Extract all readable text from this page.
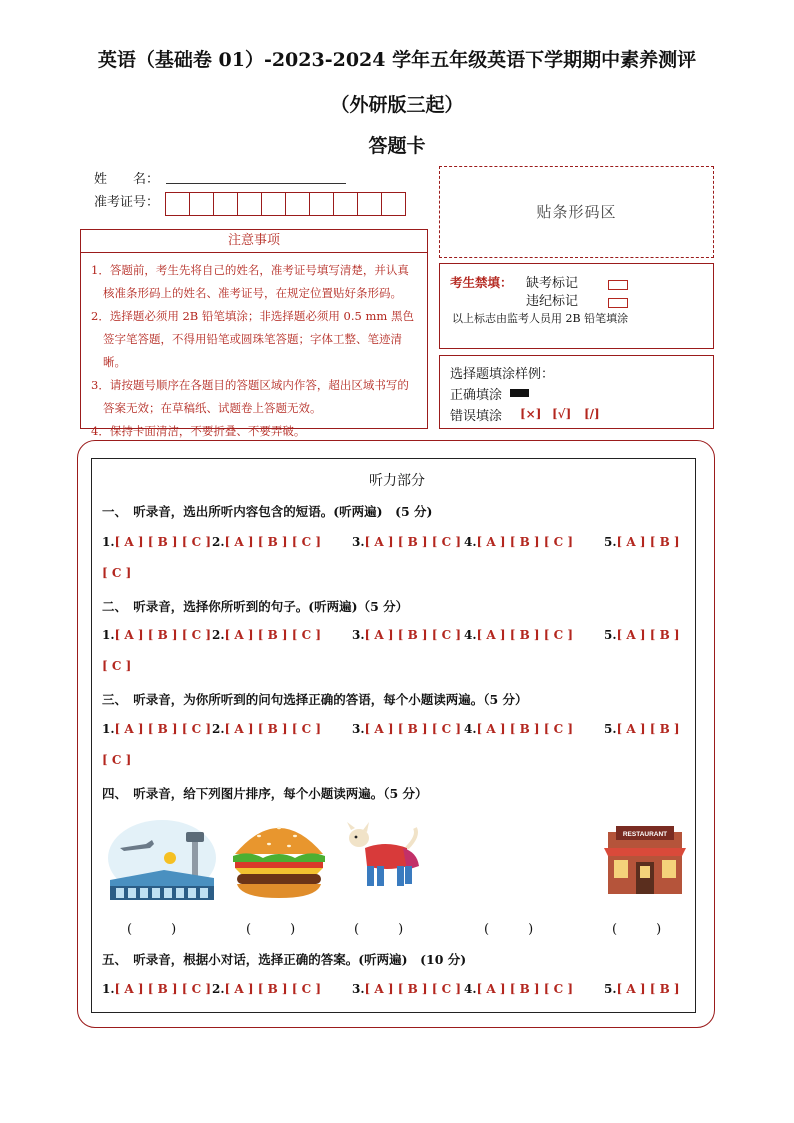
英语（基础卷 01）-2023-2024 学年五年级英语下学期期中素养测评
（外研版三起）
答题卡
姓　　名：
准考证号：
贴条形码区
注意事项
1．答题前，考生先将自己的姓名，准考证号填写清楚，并认真核准条形码上的姓名、准考证号，在规定位置贴好条形码。
2．选择题必须用 2B 铅笔填涂；非选择题必须用 0.5 mm 黑色签字笔答题，不得用铅笔或圆珠笔答题；字体工整、笔迹清晰。
3．请按题号顺序在各题目的答题区域内作答，超出区域书写的答案无效；在草稿纸、试题卷上答题无效。
4．保持卡面清洁，不要折叠、不要弄破。
考生禁填： 缺考标记
违纪标记
以上标志由监考人员用 2B 铅笔填涂
选择题填涂样例：
正确填涂
错误填涂 [×] [√] [/]
听力部分
一、　听录音，选出所听内容包含的短语。(听两遍)　(5 分)
1.[ A ] [ B ] [ C ] 2.[ A ] [ B ] [ C ]	3.[ A ] [ B ] [ C ] 4.[ A ] [ B ] [ C ]	5.[ A ] [ B ]
[ C ]
二、　听录音，选择你所听到的句子。(听两遍)（5 分）
1.[ A ] [ B ] [ C ] 2.[ A ] [ B ] [ C ]	3.[ A ] [ B ] [ C ] 4.[ A ] [ B ] [ C ]	5.[ A ] [ B ]
[ C ]
三、　听录音，为你所听到的问句选择正确的答语，每个小题读两遍。（5 分）
1.[ A ] [ B ] [ C ] 2.[ A ] [ B ] [ C ]	3.[ A ] [ B ] [ C ] 4.[ A ] [ B ] [ C ]	5.[ A ] [ B ]
[ C ]
四、　听录音，给下列图片排序，每个小题读两遍。（5 分）
RESTAURANT
(　　　)	(　　　)	(　　　)	(　　　)	(　　　)
五、　听录音，根据小对话，选择正确的答案。(听两遍)　(10 分)
1.[ A ] [ B ] [ C ] 2.[ A ] [ B ] [ C ]	3.[ A ] [ B ] [ C ] 4.[ A ] [ B ] [ C ]	5.[ A ] [ B ]
